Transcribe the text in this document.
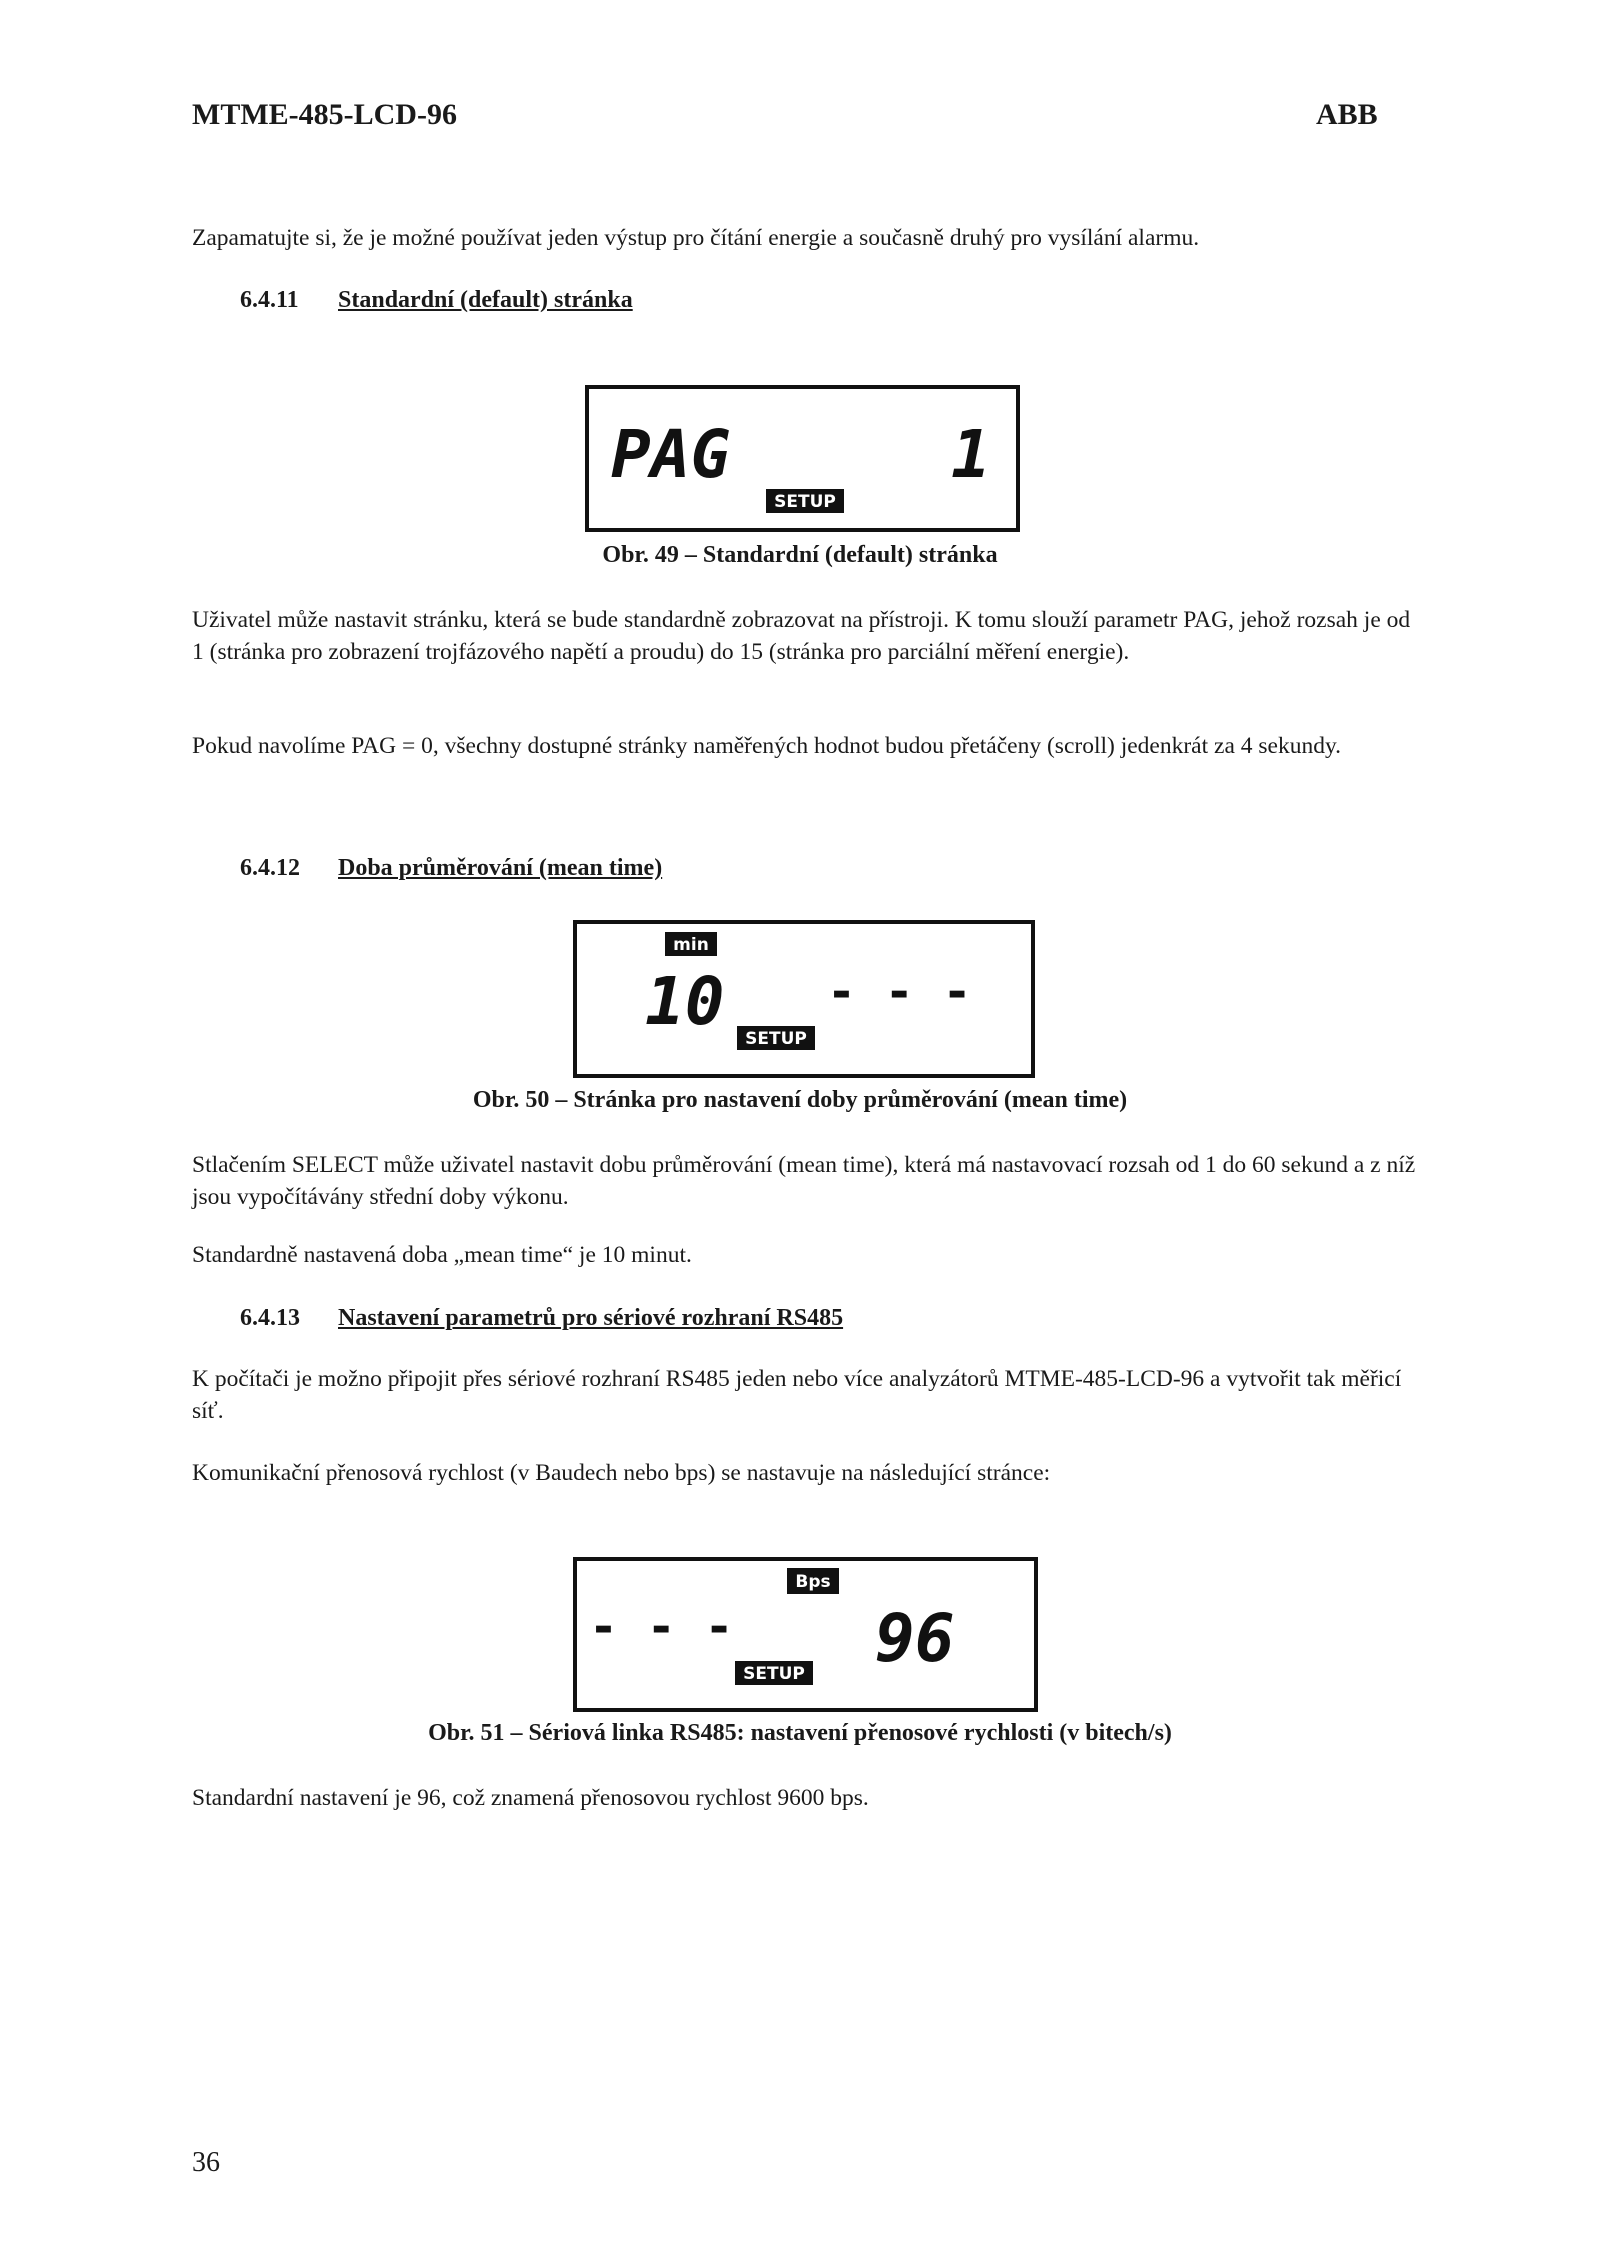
MTME-485-LCD-96	ABB

Zapamatujte si, že je možné používat jeden výstup pro čítání energie a současně druhý pro vysílání alarmu.

6.4.11 Standardní (default) stránka
PAG	1
SETUP
Obr. 49 – Standardní (default) stránka

Uživatel může nastavit stránku, která se bude standardně zobrazovat na přístroji. K tomu slouží parametr PAG, jehož rozsah je od 1 (stránka pro zobrazení trojfázového napětí a proudu) do 15 (stránka pro parciální měření energie).

Pokud navolíme PAG = 0, všechny dostupné stránky naměřených hodnot budou přetáčeny (scroll) jedenkrát za 4 sekundy.

6.4.12 Doba průměrování (mean time)
min
10 - - -
SETUP
Obr. 50 – Stránka pro nastavení doby průměrování (mean time)

Stlačením SELECT může uživatel nastavit dobu průměrování (mean time), která má nastavovací rozsah od 1 do 60 sekund a z níž jsou vypočítávány střední doby výkonu.

Standardně nastavená doba „mean time“ je 10 minut.

6.4.13 Nastavení parametrů pro sériové rozhraní RS485

K počítači je možno připojit přes sériové rozhraní RS485 jeden nebo více analyzátorů MTME-485-LCD-96 a vytvořit tak měřicí síť.

Komunikační přenosová rychlost (v Baudech nebo bps) se nastavuje na následující stránce:

Bps
- - - 96
SETUP
Obr. 51 – Sériová linka RS485: nastavení přenosové rychlosti (v bitech/s)

Standardní nastavení je 96, což znamená přenosovou rychlost 9600 bps.

36
